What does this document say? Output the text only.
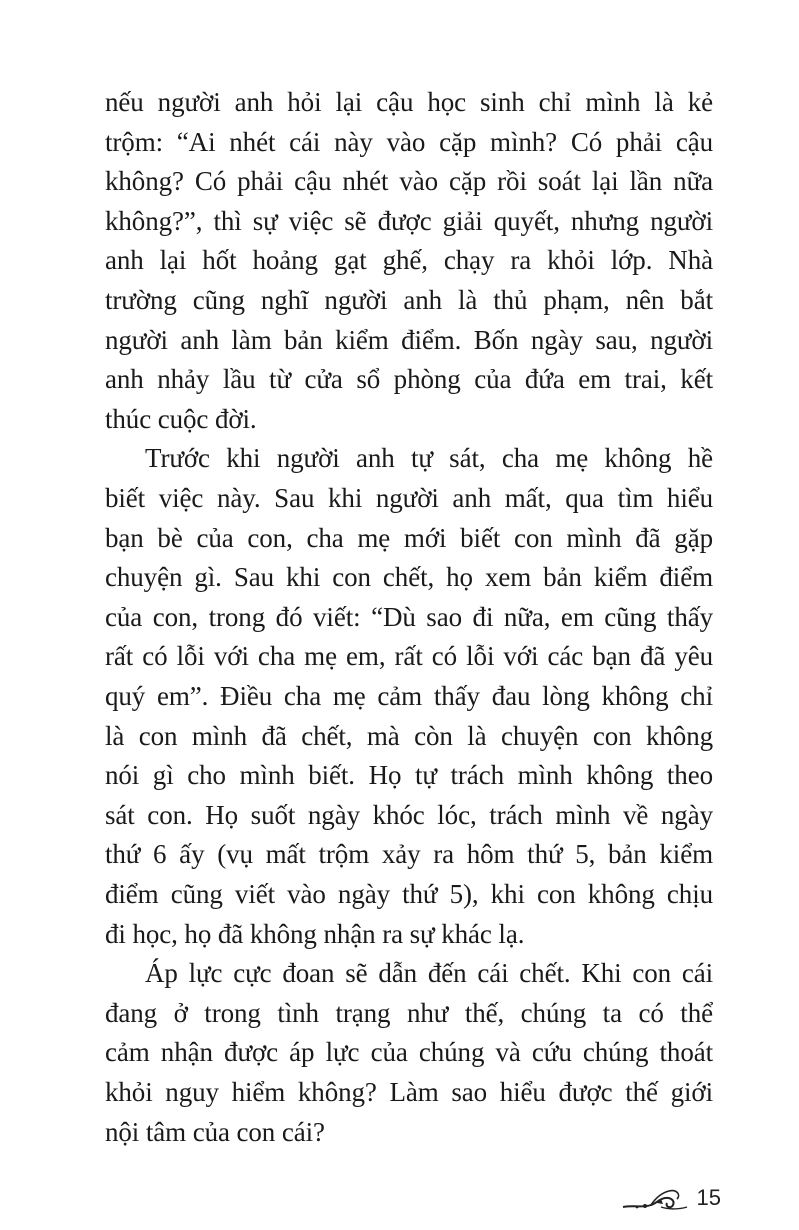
nếu người anh hỏi lại cậu học sinh chỉ mình là kẻ
trộm: “Ai nhét cái này vào cặp mình? Có phải cậu
không? Có phải cậu nhét vào cặp rồi soát lại lần nữa
không?”, thì sự việc sẽ được giải quyết, nhưng người
anh lại hốt hoảng gạt ghế, chạy ra khỏi lớp. Nhà
trường cũng nghĩ người anh là thủ phạm, nên bắt
người anh làm bản kiểm điểm. Bốn ngày sau, người
anh nhảy lầu từ cửa sổ phòng của đứa em trai, kết
thúc cuộc đời.
Trước khi người anh tự sát, cha mẹ không hề
biết việc này. Sau khi người anh mất, qua tìm hiểu
bạn bè của con, cha mẹ mới biết con mình đã gặp
chuyện gì. Sau khi con chết, họ xem bản kiểm điểm
của con, trong đó viết: “Dù sao đi nữa, em cũng thấy
rất có lỗi với cha mẹ em, rất có lỗi với các bạn đã yêu
quý em”. Điều cha mẹ cảm thấy đau lòng không chỉ
là con mình đã chết, mà còn là chuyện con không
nói gì cho mình biết. Họ tự trách mình không theo
sát con. Họ suốt ngày khóc lóc, trách mình về ngày
thứ 6 ấy (vụ mất trộm xảy ra hôm thứ 5, bản kiểm
điểm cũng viết vào ngày thứ 5), khi con không chịu
đi học, họ đã không nhận ra sự khác lạ.
Áp lực cực đoan sẽ dẫn đến cái chết. Khi con cái
đang ở trong tình trạng như thế, chúng ta có thể
cảm nhận được áp lực của chúng và cứu chúng thoát
khỏi nguy hiểm không? Làm sao hiểu được thế giới
nội tâm của con cái?
15
